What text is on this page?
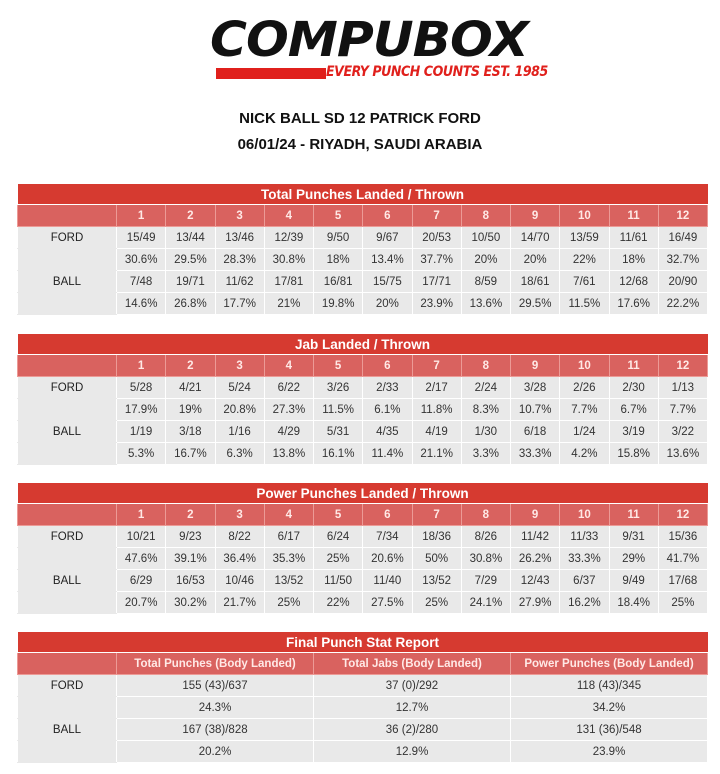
COMPUBOX
EVERY PUNCH COUNTS EST. 1985
NICK BALL SD 12 PATRICK FORD
06/01/24 - RIYADH, SAUDI ARABIA
Total Punches Landed / Thrown												
	1	2	3	4	5	6	7	8	9	10	11	12
FORD	15/49	13/44	13/46	12/39	9/50	9/67	20/53	10/50	14/70	13/59	11/61	16/49
	30.6%	29.5%	28.3%	30.8%	18%	13.4%	37.7%	20%	20%	22%	18%	32.7%
BALL	7/48	19/71	11/62	17/81	16/81	15/75	17/71	8/59	18/61	7/61	12/68	20/90
	14.6%	26.8%	17.7%	21%	19.8%	20%	23.9%	13.6%	29.5%	11.5%	17.6%	22.2%
Jab Landed / Thrown												
	1	2	3	4	5	6	7	8	9	10	11	12
FORD	5/28	4/21	5/24	6/22	3/26	2/33	2/17	2/24	3/28	2/26	2/30	1/13
	17.9%	19%	20.8%	27.3%	11.5%	6.1%	11.8%	8.3%	10.7%	7.7%	6.7%	7.7%
BALL	1/19	3/18	1/16	4/29	5/31	4/35	4/19	1/30	6/18	1/24	3/19	3/22
	5.3%	16.7%	6.3%	13.8%	16.1%	11.4%	21.1%	3.3%	33.3%	4.2%	15.8%	13.6%
Power Punches Landed / Thrown												
	1	2	3	4	5	6	7	8	9	10	11	12
FORD	10/21	9/23	8/22	6/17	6/24	7/34	18/36	8/26	11/42	11/33	9/31	15/36
	47.6%	39.1%	36.4%	35.3%	25%	20.6%	50%	30.8%	26.2%	33.3%	29%	41.7%
BALL	6/29	16/53	10/46	13/52	11/50	11/40	13/52	7/29	12/43	6/37	9/49	17/68
	20.7%	30.2%	21.7%	25%	22%	27.5%	25%	24.1%	27.9%	16.2%	18.4%	25%
Final Punch Stat Report			
	Total Punches (Body Landed)	Total Jabs (Body Landed)	Power Punches (Body Landed)
FORD	155 (43)/637	37 (0)/292	118 (43)/345
	24.3%	12.7%	34.2%
BALL	167 (38)/828	36 (2)/280	131 (36)/548
	20.2%	12.9%	23.9%
